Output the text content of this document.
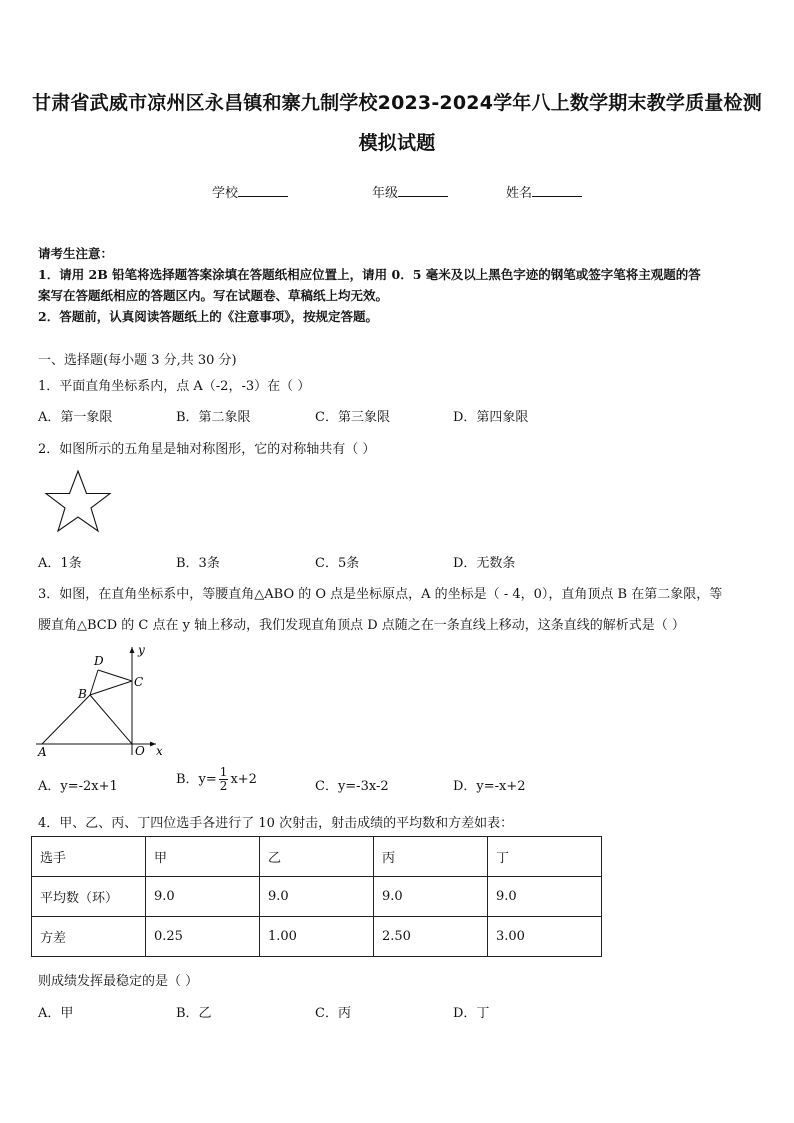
甘肃省武威市凉州区永昌镇和寨九制学校2023-2024学年八上数学期末教学质量检测
模拟试题
学校	年级	姓名
请考生注意：
1．请用 2B 铅笔将选择题答案涂填在答题纸相应位置上，请用 0．5 毫米及以上黑色字迹的钢笔或签字笔将主观题的答
案写在答题纸相应的答题区内。写在试题卷、草稿纸上均无效。
2．答题前，认真阅读答题纸上的《注意事项》，按规定答题。
一、选择题(每小题 3 分,共 30 分)
1．平面直角坐标系内，点 A（-2，-3）在（ ）
A．第一象限	B．第二象限	C．第三象限	D．第四象限
2．如图所示的五角星是轴对称图形，它的对称轴共有（ ）
A．1条	B．3条	C．5条	D．无数条
3．如图，在直角坐标系中，等腰直角△ABO 的 O 点是坐标原点，A 的坐标是（ - 4，0），直角顶点 B 在第二象限，等
腰直角△BCD 的 C 点在 y 轴上移动，我们发现直角顶点 D 点随之在一条直线上移动，这条直线的解析式是（ ）
D
B
C
A	O x
y
A．y=-2x+1	B．$y= \frac{1}{2} x+2$	C．y=-3x-2	D．y=-x+2
4．甲、乙、丙、丁四位选手各进行了 10 次射击，射击成绩的平均数和方差如表：
选手	甲	乙	丙	丁
平均数（环）	9.0	9.0	9.0	9.0
方差	0.25	1.00	2.50	3.00
则成绩发挥最稳定的是（ ）
A．甲	B．乙	C．丙	D．丁
